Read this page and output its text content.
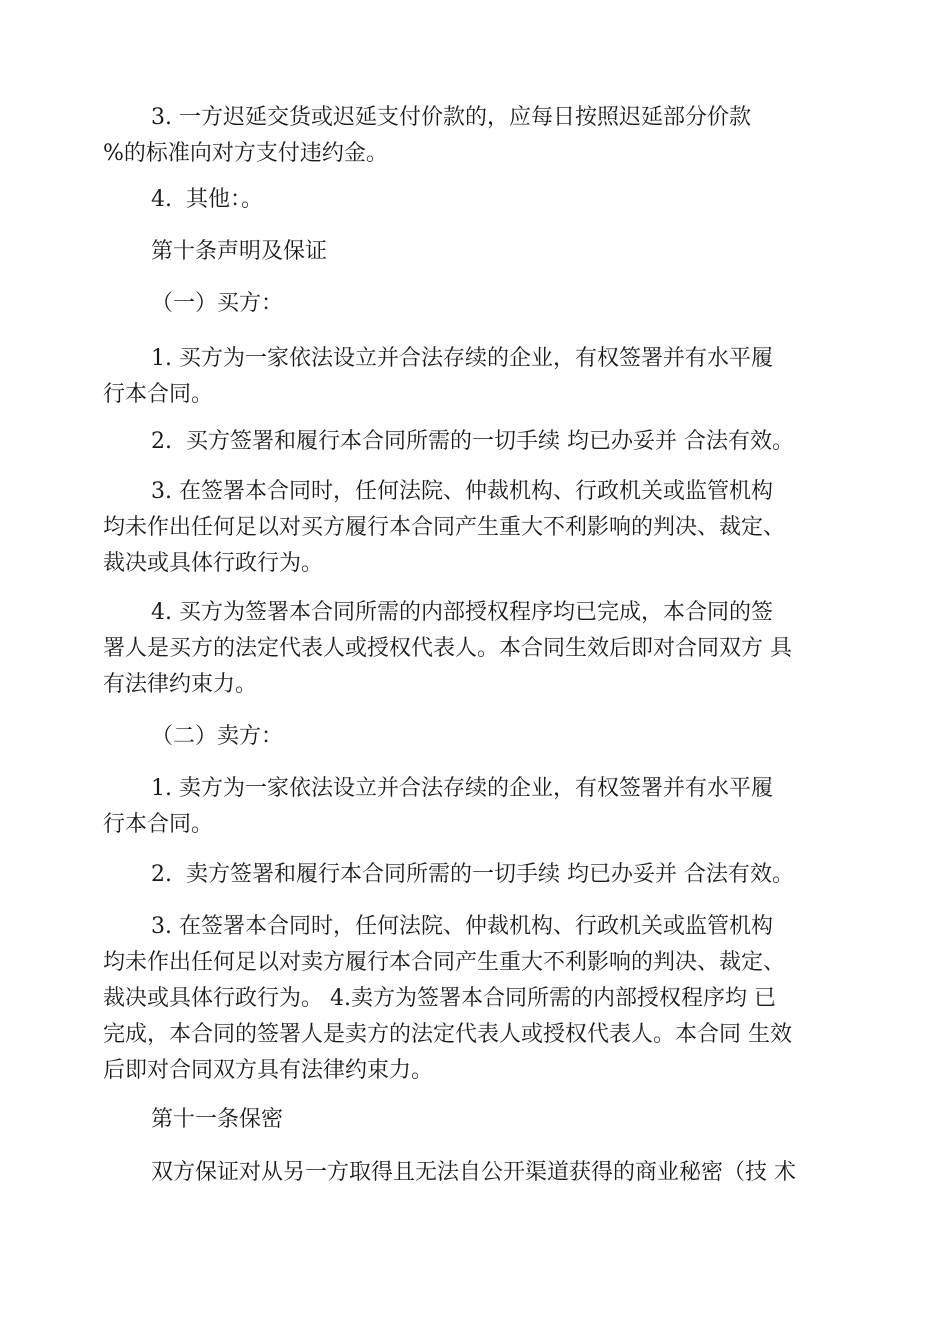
3. 一方迟延交货或迟延支付价款的，应每日按照迟延部分价款
%的标准向对方支付违约金。
4.  其他：。
第十条声明及保证
（一）买方：
1. 买方为一家依法设立并合法存续的企业，有权签署并有水平履
行本合同。
2.  买方签署和履行本合同所需的一切手续 均已办妥并 合法有效。
3. 在签署本合同时，任何法院、仲裁机构、行政机关或监管机构
均未作出任何足以对买方履行本合同产生重大不利影响的判决、裁定、
裁决或具体行政行为。
4. 买方为签署本合同所需的内部授权程序均已完成，本合同的签
署人是买方的法定代表人或授权代表人。本合同生效后即对合同双方 具
有法律约束力。
（二）卖方：
1. 卖方为一家依法设立并合法存续的企业，有权签署并有水平履
行本合同。
2.  卖方签署和履行本合同所需的一切手续 均已办妥并 合法有效。
3. 在签署本合同时，任何法院、仲裁机构、行政机关或监管机构
均未作出任何足以对卖方履行本合同产生重大不利影响的判决、裁定、
裁决或具体行政行为。 4.卖方为签署本合同所需的内部授权程序均 已
完成，本合同的签署人是卖方的法定代表人或授权代表人。本合同 生效
后即对合同双方具有法律约束力。
第十一条保密
双方保证对从另一方取得且无法自公开渠道获得的商业秘密（技 术
